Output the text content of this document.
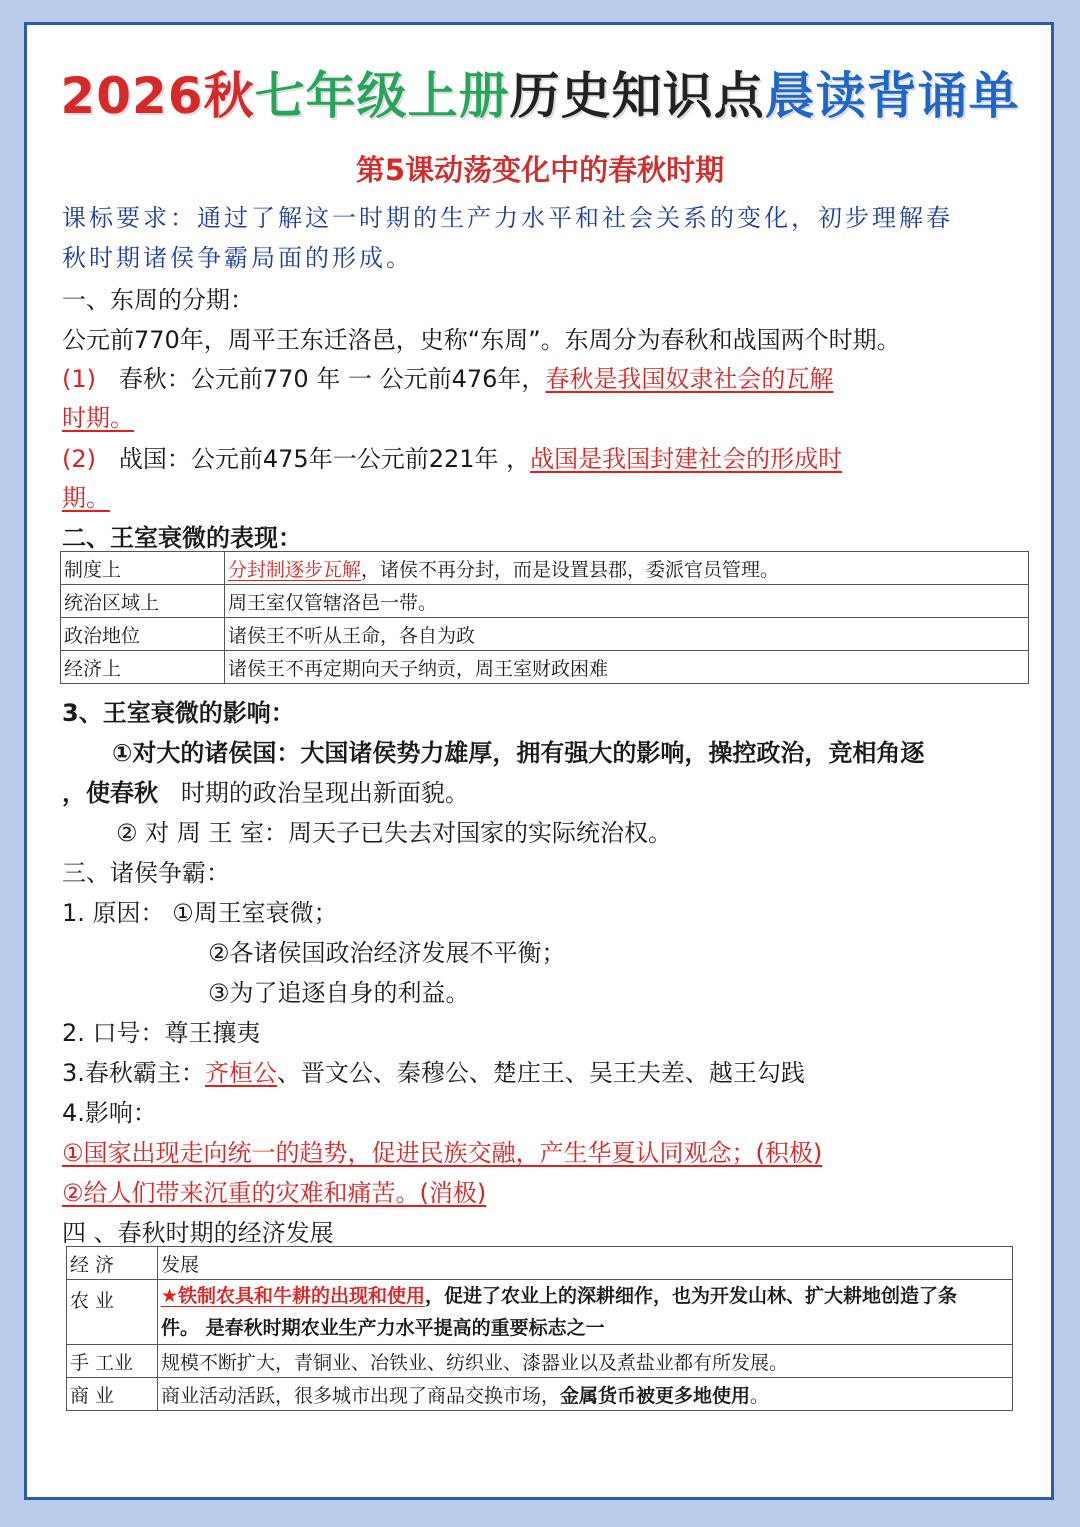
2026秋七年级上册历史知识点晨读背诵单
第5课动荡变化中的春秋时期
课标要求：通过了解这一时期的生产力水平和社会关系的变化，初步理解春
秋时期诸侯争霸局面的形成。
一、东周的分期：
公元前770年，周平王东迁洛邑，史称“东周”。东周分为春秋和战国两个时期。
(1) 春秋：公元前770 年 一 公元前476年，春秋是我国奴隶社会的瓦解
时期。
(2) 战国：公元前475年一公元前221年 ，战国是我国封建社会的形成时
期。
二、王室衰微的表现：
制度上	分封制逐步瓦解，诸侯不再分封，而是设置县郡，委派官员管理。
统治区域上	周王室仅管辖洛邑一带。
政治地位	诸侯王不听从王命，各自为政
经济上	诸侯王不再定期向天子纳贡，周王室财政困难
3、王室衰微的影响：
①对大的诸侯国：大国诸侯势力雄厚，拥有强大的影响，操控政治，竞相角逐
，使春秋 时期的政治呈现出新面貌。
② 对 周 王 室：周天子已失去对国家的实际统治权。
三、诸侯争霸：
1. 原因： ①周王室衰微；
②各诸侯国政治经济发展不平衡；
③为了追逐自身的利益。
2. 口号：尊王攘夷
3.春秋霸主：齐桓公、晋文公、秦穆公、楚庄王、吴王夫差、越王勾践
4.影响：
①国家出现走向统一的趋势，促进民族交融，产生华夏认同观念；(积极)
②给人们带来沉重的灾难和痛苦。(消极)
四 、春秋时期的经济发展
经 济	发展
农 业	★铁制农具和牛耕的出现和使用，促进了农业上的深耕细作，也为开发山林、扩大耕地创造了条
件。 是春秋时期农业生产力水平提高的重要标志之一
手 工业	规模不断扩大，青铜业、冶铁业、纺织业、漆器业以及煮盐业都有所发展。
商 业	商业活动活跃，很多城市出现了商品交换市场，金属货币被更多地使用。
